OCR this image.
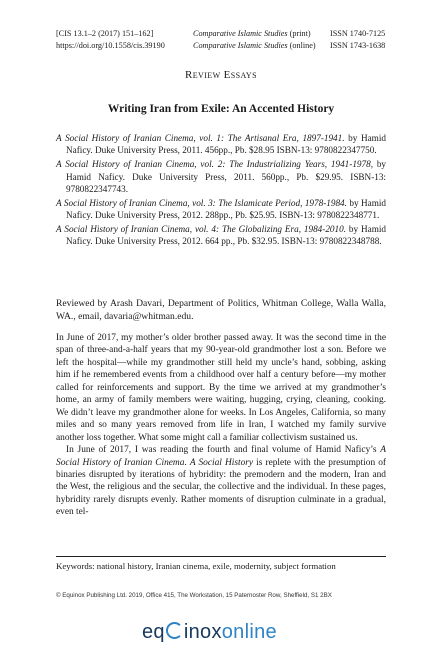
[CIS 13.1–2 (2017) 151–162]
https://doi.org/10.1558/cis.39190
Comparative Islamic Studies (print)
Comparative Islamic Studies (online)
ISSN 1740-7125
ISSN 1743-1638
Review Essays
Writing Iran from Exile: An Accented History

A Social History of Iranian Cinema, vol. 1: The Artisanal Era, 1897-1941. by Hamid Naficy. Duke University Press, 2011. 456pp., Pb. $28.95 ISBN-13: 9780822347750.

A Social History of Iranian Cinema, vol. 2: The Industrializing Years, 1941-1978, by Hamid Naficy. Duke University Press, 2011. 560pp., Pb. $29.95. ISBN-13: 9780822347743.

A Social History of Iranian Cinema, vol. 3: The Islamicate Period, 1978-1984. by Hamid Naficy. Duke University Press, 2012. 288pp., Pb. $25.95. ISBN-13: 9780822348771.

A Social History of Iranian Cinema, vol. 4: The Globalizing Era, 1984-2010. by Hamid Naficy. Duke University Press, 2012. 664 pp., Pb. $32.95. ISBN-13: 9780822348788.

Reviewed by Arash Davari, Department of Politics, Whitman College, Walla Walla, WA., email, davaria@whitman.edu.

In June of 2017, my mother’s older brother passed away. It was the second time in the span of three-and-a-half years that my 90-year-old grandmother lost a son. Before we left the hospital—while my grandmother still held my uncle’s hand, sobbing, asking him if he remembered events from a childhood over half a century before—my mother called for reinforcements and support. By the time we arrived at my grandmother’s home, an army of family members were waiting, hugging, crying, cleaning, cooking. We didn’t leave my grandmother alone for weeks. In Los Angeles, California, so many miles and so many years removed from life in Iran, I watched my family survive another loss together. What some might call a familiar collectivism sustained us.

In June of 2017, I was reading the fourth and final volume of Hamid Naficy’s A Social History of Iranian Cinema. A Social History is replete with the presumption of binaries disrupted by iterations of hybridity: the premodern and the modern, Iran and the West, the religious and the secular, the collective and the individual. In these pages, hybridity rarely disrupts evenly. Rather moments of disruption culminate in a gradual, even tel-

Keywords: national history, Iranian cinema, exile, modernity, subject formation
© Equinox Publishing Ltd. 2019, Office 415, The Workstation, 15 Paternoster Row, Sheffield, S1 2BX
eq inoxonline
